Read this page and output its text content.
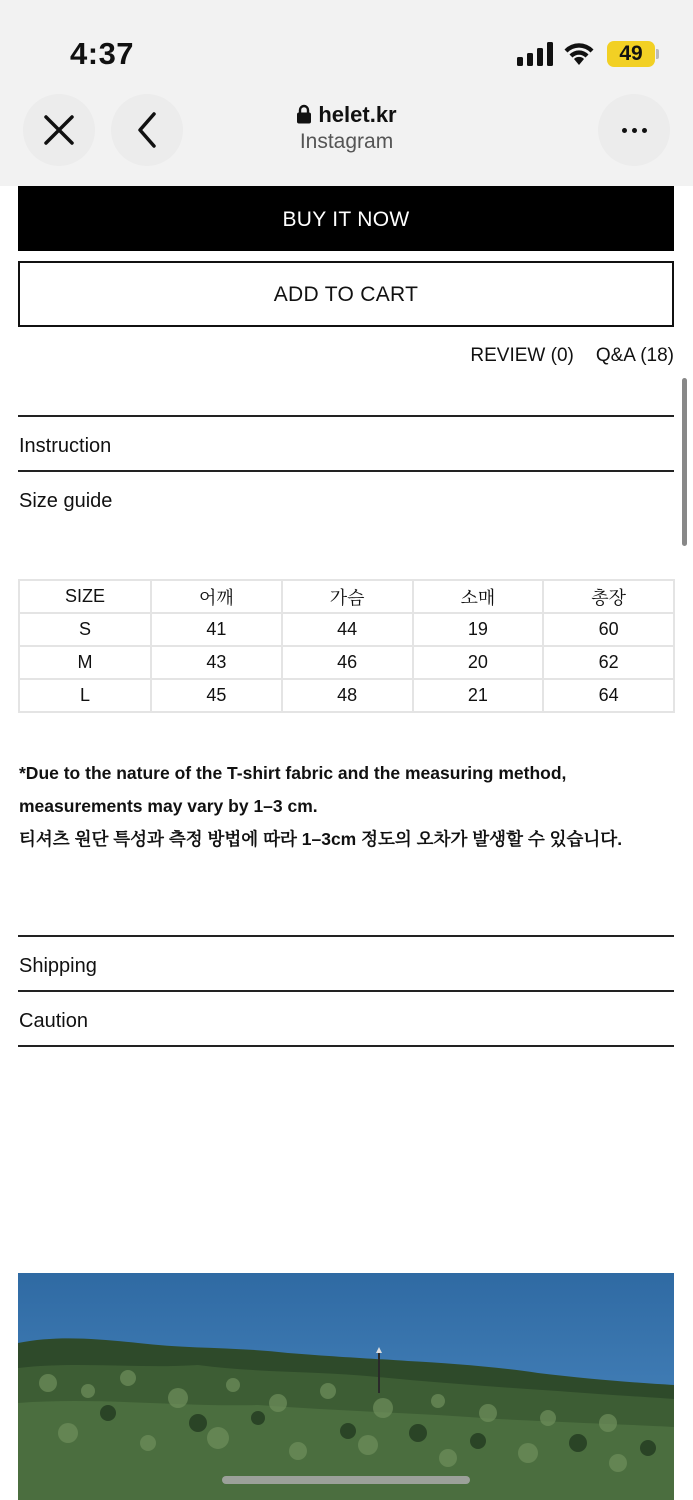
4:37	49
helet.kr
Instagram
BUY IT NOW
ADD TO CART
REVIEW (0) Q&A (18)
Instruction
Size guide
SIZE	어깨	가슴	소매	총장
S	41	44	19	60
M	43	46	20	62
L	45	48	21	64
*Due to the nature of the T-shirt fabric and the measuring method,
measurements may vary by 1–3 cm.
티셔츠 원단 특성과 측정 방법에 따라 1–3cm 정도의 오차가 발생할 수 있습니다.
Shipping
Caution
